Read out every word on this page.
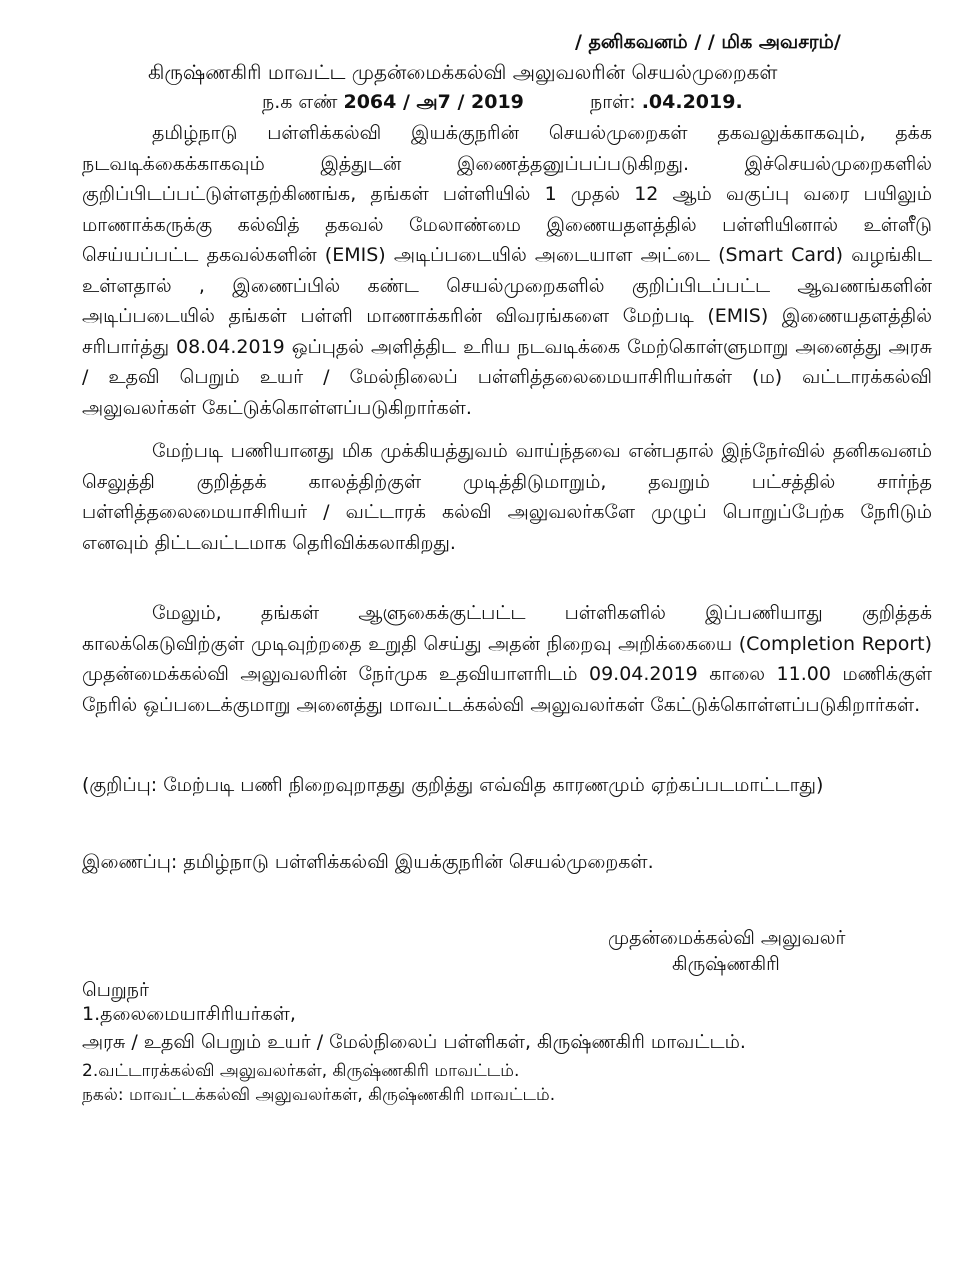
/ தனிகவனம் / / மிக அவசரம்/
கிருஷ்ணகிரி மாவட்ட முதன்மைக்கல்வி அலுவலரின் செயல்முறைகள்
ந.க எண் 2064 / அ7 / 2019	நாள்: .04.2019.
தமிழ்நாடு பள்ளிக்கல்வி இயக்குநரின் செயல்முறைகள் தகவலுக்காகவும், தக்க நடவடிக்கைக்காகவும் இத்துடன் இணைத்தனுப்பப்படுகிறது. இச்செயல்முறைகளில் குறிப்பிடப்பட்டுள்ளதற்கிணங்க, தங்கள் பள்ளியில் 1 முதல் 12 ஆம் வகுப்பு வரை பயிலும் மாணாக்கருக்கு கல்வித் தகவல் மேலாண்மை இணையதளத்தில் பள்ளியினால் உள்ளீடு செய்யப்பட்ட தகவல்களின் (EMIS) அடிப்படையில் அடையாள அட்டை (Smart Card) வழங்கிட உள்ளதால் , இணைப்பில் கண்ட செயல்முறைகளில் குறிப்பிடப்பட்ட ஆவணங்களின் அடிப்படையில் தங்கள் பள்ளி மாணாக்கரின் விவரங்களை மேற்படி (EMIS) இணையதளத்தில் சரிபார்த்து 08.04.2019 ஒப்புதல் அளித்திட உரிய நடவடிக்கை மேற்கொள்ளுமாறு அனைத்து அரசு / உதவி பெறும் உயர் / மேல்நிலைப் பள்ளித்தலைமையாசிரியர்கள் (ம) வட்டாரக்கல்வி அலுவலர்கள் கேட்டுக்கொள்ளப்படுகிறார்கள்.
மேற்படி பணியானது மிக முக்கியத்துவம் வாய்ந்தவை என்பதால் இந்நேர்வில் தனிகவனம் செலுத்தி குறித்தக் காலத்திற்குள் முடித்திடுமாறும், தவறும் பட்சத்தில் சார்ந்த பள்ளித்தலைமையாசிரியர் / வட்டாரக் கல்வி அலுவலர்களே முழுப் பொறுப்பேற்க நேரிடும் எனவும் திட்டவட்டமாக தெரிவிக்கலாகிறது.
மேலும், தங்கள் ஆளுகைக்குட்பட்ட பள்ளிகளில் இப்பணியாது குறித்தக் காலக்கெடுவிற்குள் முடிவுற்றதை உறுதி செய்து அதன் நிறைவு அறிக்கையை (Completion Report) முதன்மைக்கல்வி அலுவலரின் நேர்முக உதவியாளரிடம் 09.04.2019 காலை 11.00 மணிக்குள் நேரில் ஒப்படைக்குமாறு அனைத்து மாவட்டக்கல்வி அலுவலர்கள் கேட்டுக்கொள்ளப்படுகிறார்கள்.
(குறிப்பு: மேற்படி பணி நிறைவுறாதது குறித்து எவ்வித காரணமும் ஏற்கப்படமாட்டாது)
இணைப்பு: தமிழ்நாடு பள்ளிக்கல்வி இயக்குநரின் செயல்முறைகள்.
முதன்மைக்கல்வி அலுவலர்
கிருஷ்ணகிரி
பெறுநர்
1.தலைமையாசிரியர்கள்,
அரசு / உதவி பெறும் உயர் / மேல்நிலைப் பள்ளிகள், கிருஷ்ணகிரி மாவட்டம்.
2.வட்டாரக்கல்வி அலுவலர்கள், கிருஷ்ணகிரி மாவட்டம்.
நகல்: மாவட்டக்கல்வி அலுவலர்கள், கிருஷ்ணகிரி மாவட்டம்.
